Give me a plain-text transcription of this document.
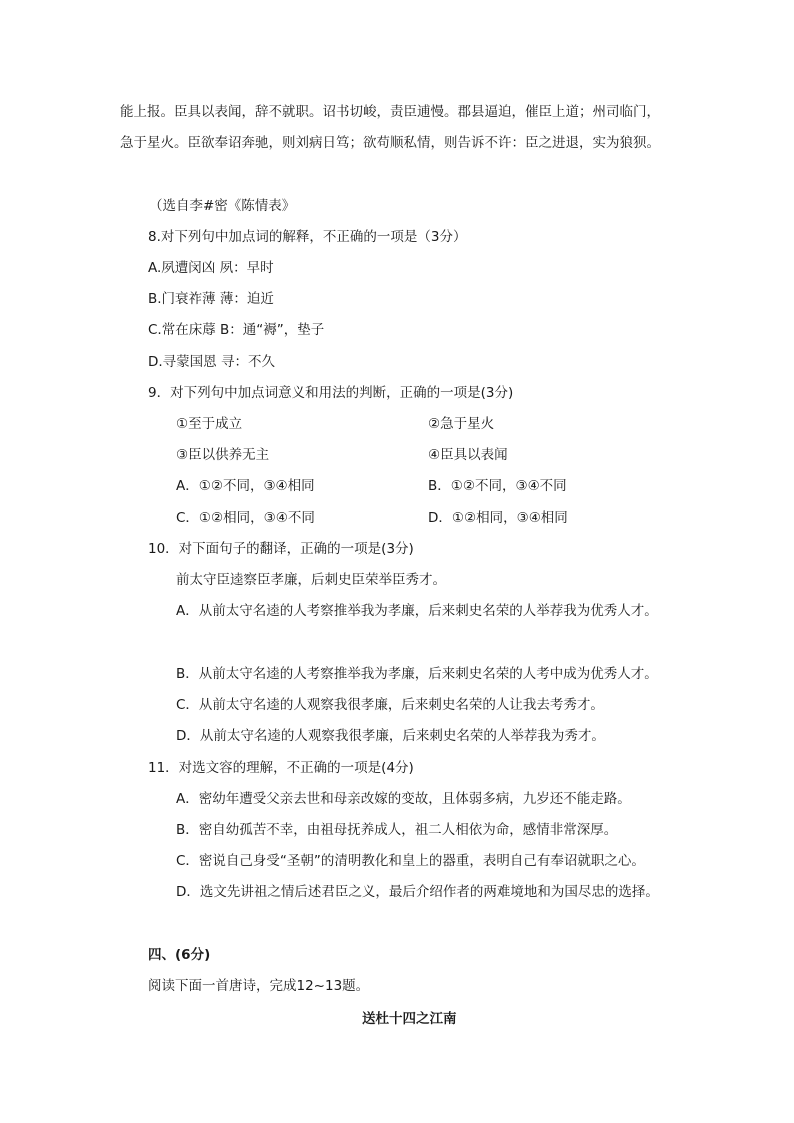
能上报。臣具以表闻，辞不就职。诏书切峻，责臣逋慢。郡县逼迫，催臣上道；州司临门，
急于星火。臣欲奉诏奔驰，则刘病日笃；欲苟顺私情，则告诉不许：臣之进退，实为狼狈。
（选自李#密《陈情表》
8.对下列句中加点词的解释，不正确的一项是（3分）
A.夙遭闵凶 夙：早时
B.门衰祚薄 薄：迫近
C.常在床蓐 B：通“褥”，垫子
D.寻蒙国恩 寻：不久
9．对下列句中加点词意义和用法的判断，正确的一项是(3分)
①至于成立	②急于星火
③臣以供养无主	④臣具以表闻
A．①②不同，③④相同	B．①②不同，③④不同
C．①②相同，③④不同	D．①②相同，③④相同
10．对下面句子的翻译，正确的一项是(3分)
前太守臣逵察臣孝廉，后刺史臣荣举臣秀才。
A．从前太守名逵的人考察推举我为孝廉，后来刺史名荣的人举荐我为优秀人才。
B．从前太守名逵的人考察推举我为孝廉，后来刺史名荣的人考中成为优秀人才。
C．从前太守名逵的人观察我很孝廉，后来刺史名荣的人让我去考秀才。
D．从前太守名逵的人观察我很孝廉，后来刺史名荣的人举荐我为秀才。
11．对选文容的理解，不正确的一项是(4分)
A．密幼年遭受父亲去世和母亲改嫁的变故，且体弱多病，九岁还不能走路。
B．密自幼孤苦不幸，由祖母抚养成人，祖二人相依为命，感情非常深厚。
C．密说自己身受“圣朝”的清明教化和皇上的器重，表明自己有奉诏就职之心。
D．选文先讲祖之情后述君臣之义，最后介绍作者的两难境地和为国尽忠的选择。
四、(6分)
阅读下面一首唐诗，完成12~13题。
送杜十四之江南
